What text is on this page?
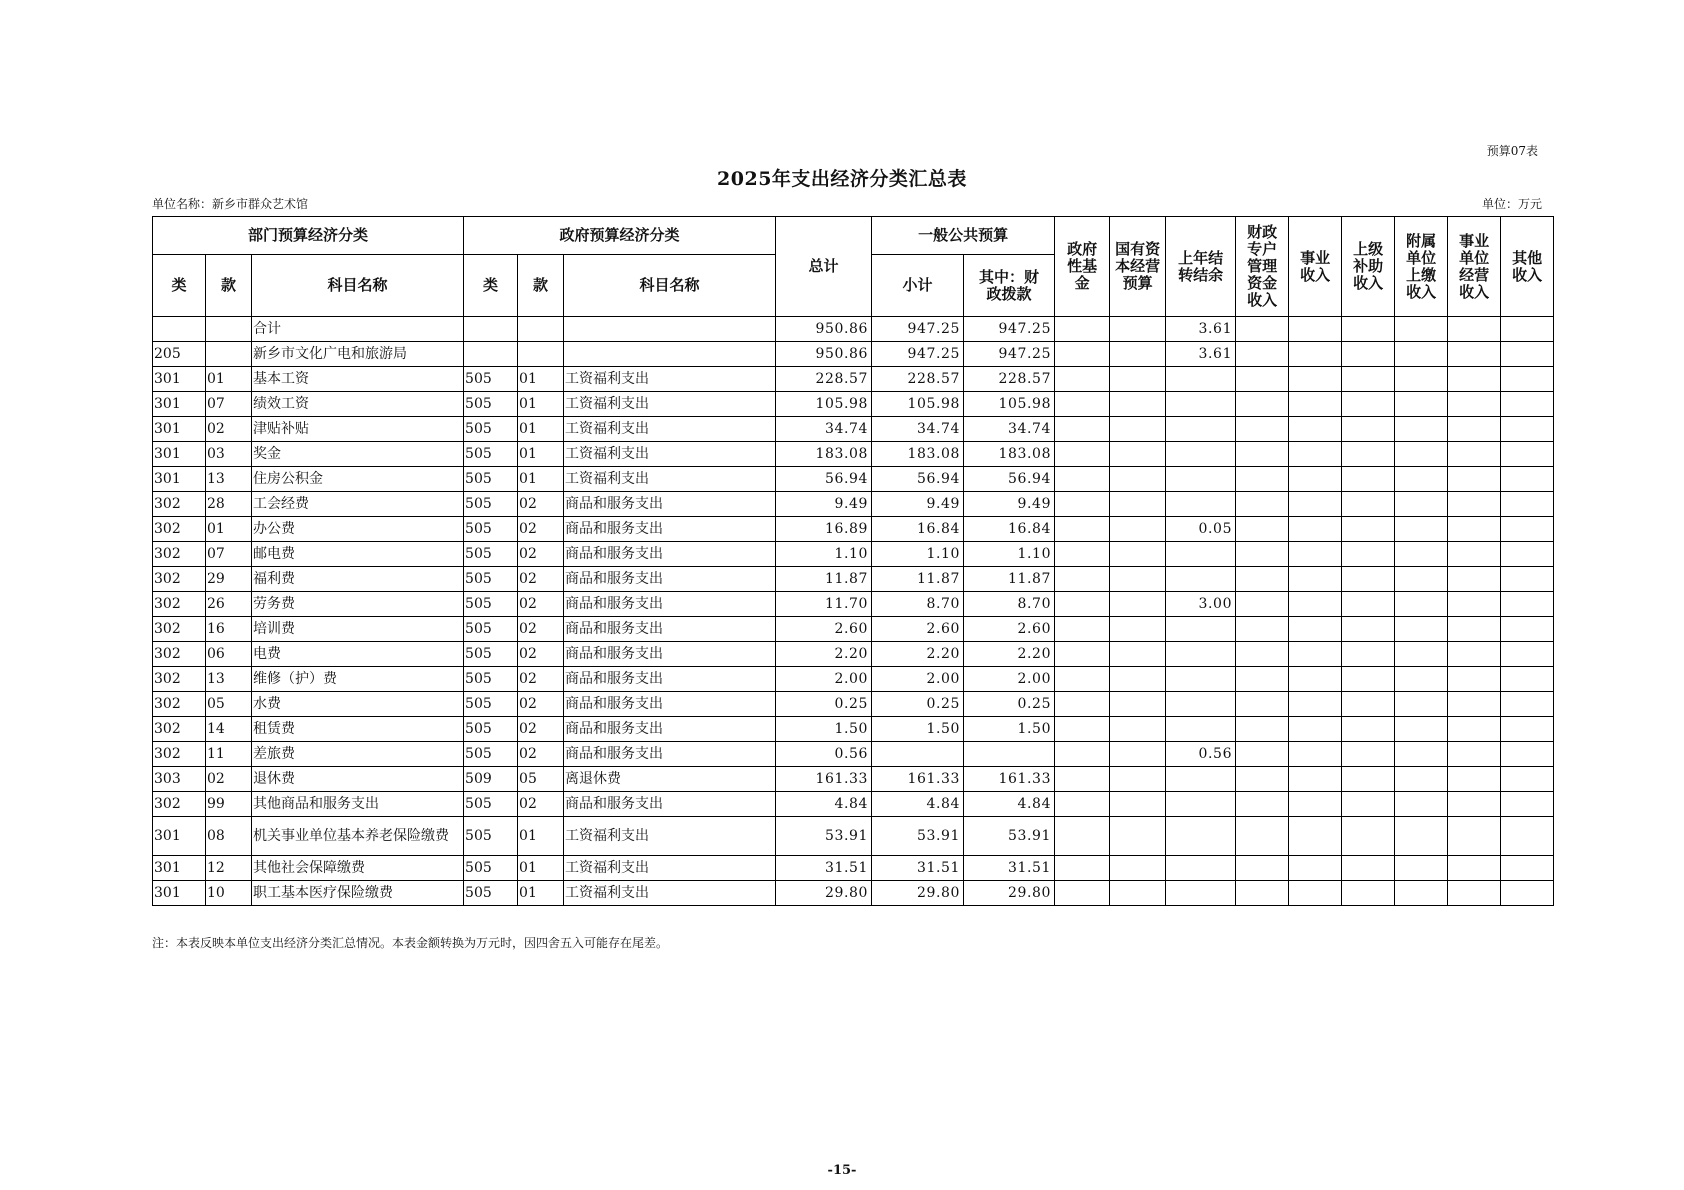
预算07表
2025年支出经济分类汇总表
单位名称：新乡市群众艺术馆	单位：万元
部门预算经济分类			政府预算经济分类			总计	一般公共预算		政府性基金	国有资本经营预算	上年结转结余	财政专户管理资金收入	事业收入	上级补助收入	附属单位上缴收入	事业单位经营收入	其他收入
类	款	科目名称	类	款	科目名称		小计	其中：财政拨款									
		合计				950.86	947.25	947.25			3.61						
205		新乡市文化广电和旅游局				950.86	947.25	947.25			3.61						
301	01	基本工资	505	01	工资福利支出	228.57	228.57	228.57									
301	07	绩效工资	505	01	工资福利支出	105.98	105.98	105.98									
301	02	津贴补贴	505	01	工资福利支出	34.74	34.74	34.74									
301	03	奖金	505	01	工资福利支出	183.08	183.08	183.08									
301	13	住房公积金	505	01	工资福利支出	56.94	56.94	56.94									
302	28	工会经费	505	02	商品和服务支出	9.49	9.49	9.49									
302	01	办公费	505	02	商品和服务支出	16.89	16.84	16.84			0.05						
302	07	邮电费	505	02	商品和服务支出	1.10	1.10	1.10									
302	29	福利费	505	02	商品和服务支出	11.87	11.87	11.87									
302	26	劳务费	505	02	商品和服务支出	11.70	8.70	8.70			3.00						
302	16	培训费	505	02	商品和服务支出	2.60	2.60	2.60									
302	06	电费	505	02	商品和服务支出	2.20	2.20	2.20									
302	13	维修（护）费	505	02	商品和服务支出	2.00	2.00	2.00									
302	05	水费	505	02	商品和服务支出	0.25	0.25	0.25									
302	14	租赁费	505	02	商品和服务支出	1.50	1.50	1.50									
302	11	差旅费	505	02	商品和服务支出	0.56					0.56						
303	02	退休费	509	05	离退休费	161.33	161.33	161.33									
302	99	其他商品和服务支出	505	02	商品和服务支出	4.84	4.84	4.84									
301	08	机关事业单位基本养老保险缴费	505	01	工资福利支出	53.91	53.91	53.91									
301	12	其他社会保障缴费	505	01	工资福利支出	31.51	31.51	31.51									
301	10	职工基本医疗保险缴费	505	01	工资福利支出	29.80	29.80	29.80									
注：本表反映本单位支出经济分类汇总情况。本表金额转换为万元时，因四舍五入可能存在尾差。
-15-
